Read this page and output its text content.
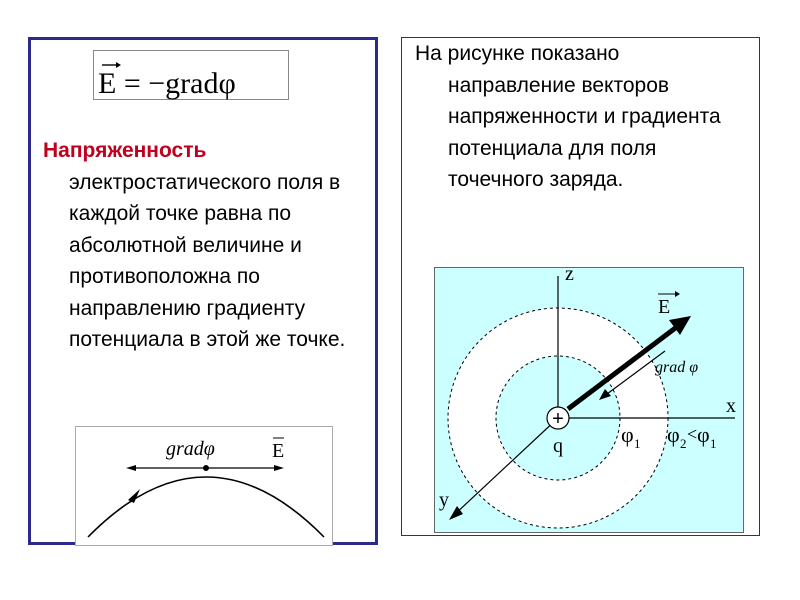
E = −gradφ
Напряженность
электростатического поля в каждой точке равна по абсолютной величине и противоположна по направлению градиенту потенциала в этой же точке.
gradφ	E
На рисунке показано
направление векторов напряженности и градиента потенциала для поля точечного заряда.
+
z
x
y
q
E
grad φ
φ 1 φ 2 < φ 1
